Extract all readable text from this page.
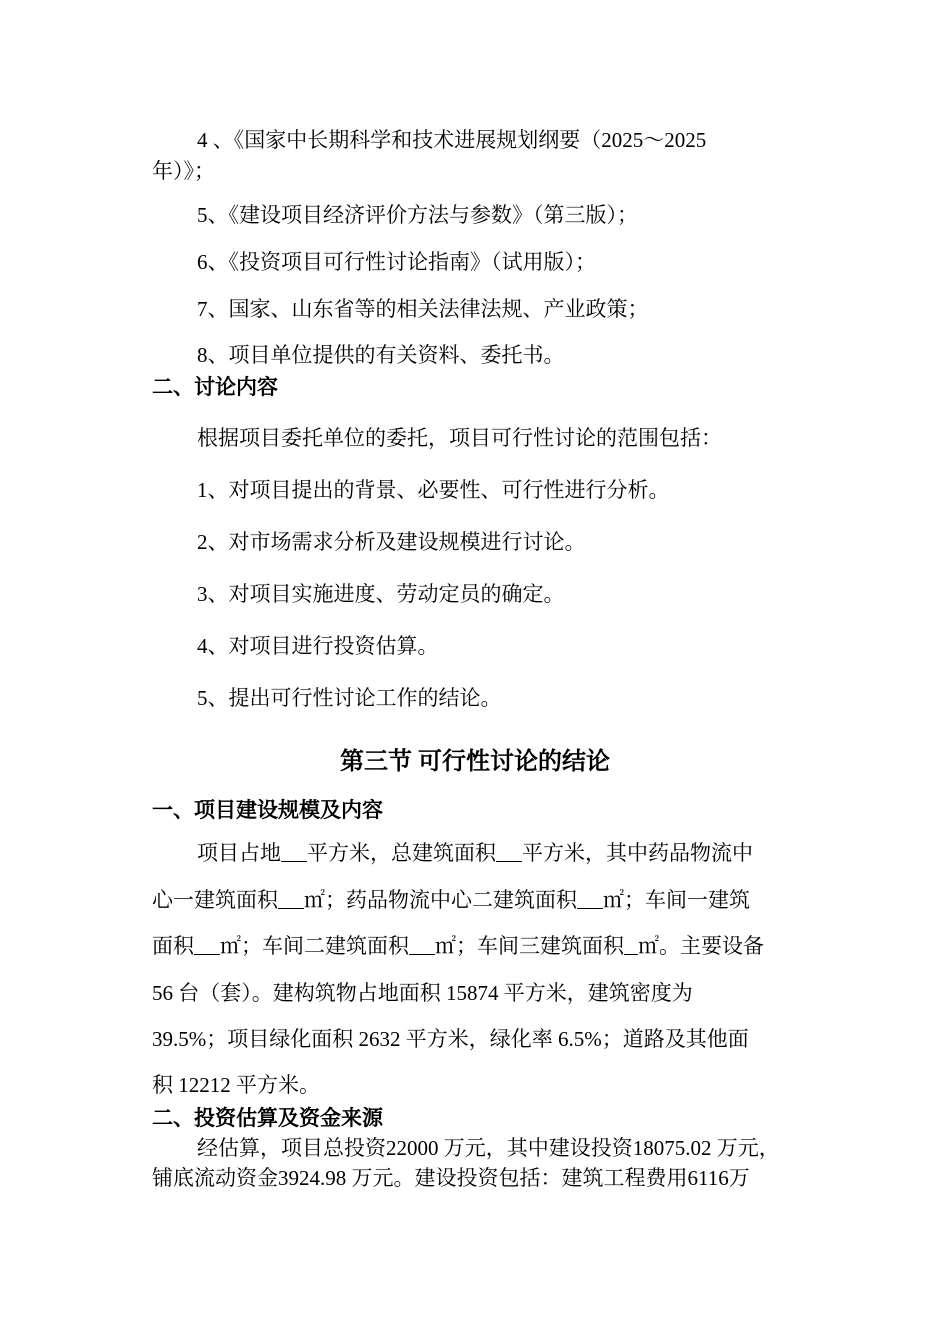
4 、《国家中长期科学和技术进展规划纲要（2025～2025
年）》；
5、《建设项目经济评价方法与参数》（第三版）；
6、《投资项目可行性讨论指南》（试用版）；
7、国家、山东省等的相关法律法规、产业政策；
8、项目单位提供的有关资料、委托书。
二、讨论内容
根据项目委托单位的委托，项目可行性讨论的范围包括：
1、对项目提出的背景、必要性、可行性进行分析。
2、对市场需求分析及建设规模进行讨论。
3、对项目实施进度、劳动定员的确定。
4、对项目进行投资估算。
5、提出可行性讨论工作的结论。
第三节 可行性讨论的结论
一、项目建设规模及内容
项目占地 平方米，总建筑面积 平方米，其中药品物流中
心一建筑面积 ㎡；药品物流中心二建筑面积 ㎡；车间一建筑
面积 ㎡；车间二建筑面积 ㎡；车间三建筑面积 ㎡。主要设备
56 台（套）。建构筑物占地面积 15874 平方米，建筑密度为
39.5%；项目绿化面积 2632 平方米，绿化率 6.5%；道路及其他面
积 12212 平方米。
二、投资估算及资金来源
经估算，项目总投资22000 万元，其中建设投资18075.02 万元，
铺底流动资金3924.98 万元。建设投资包括：建筑工程费用6116万
